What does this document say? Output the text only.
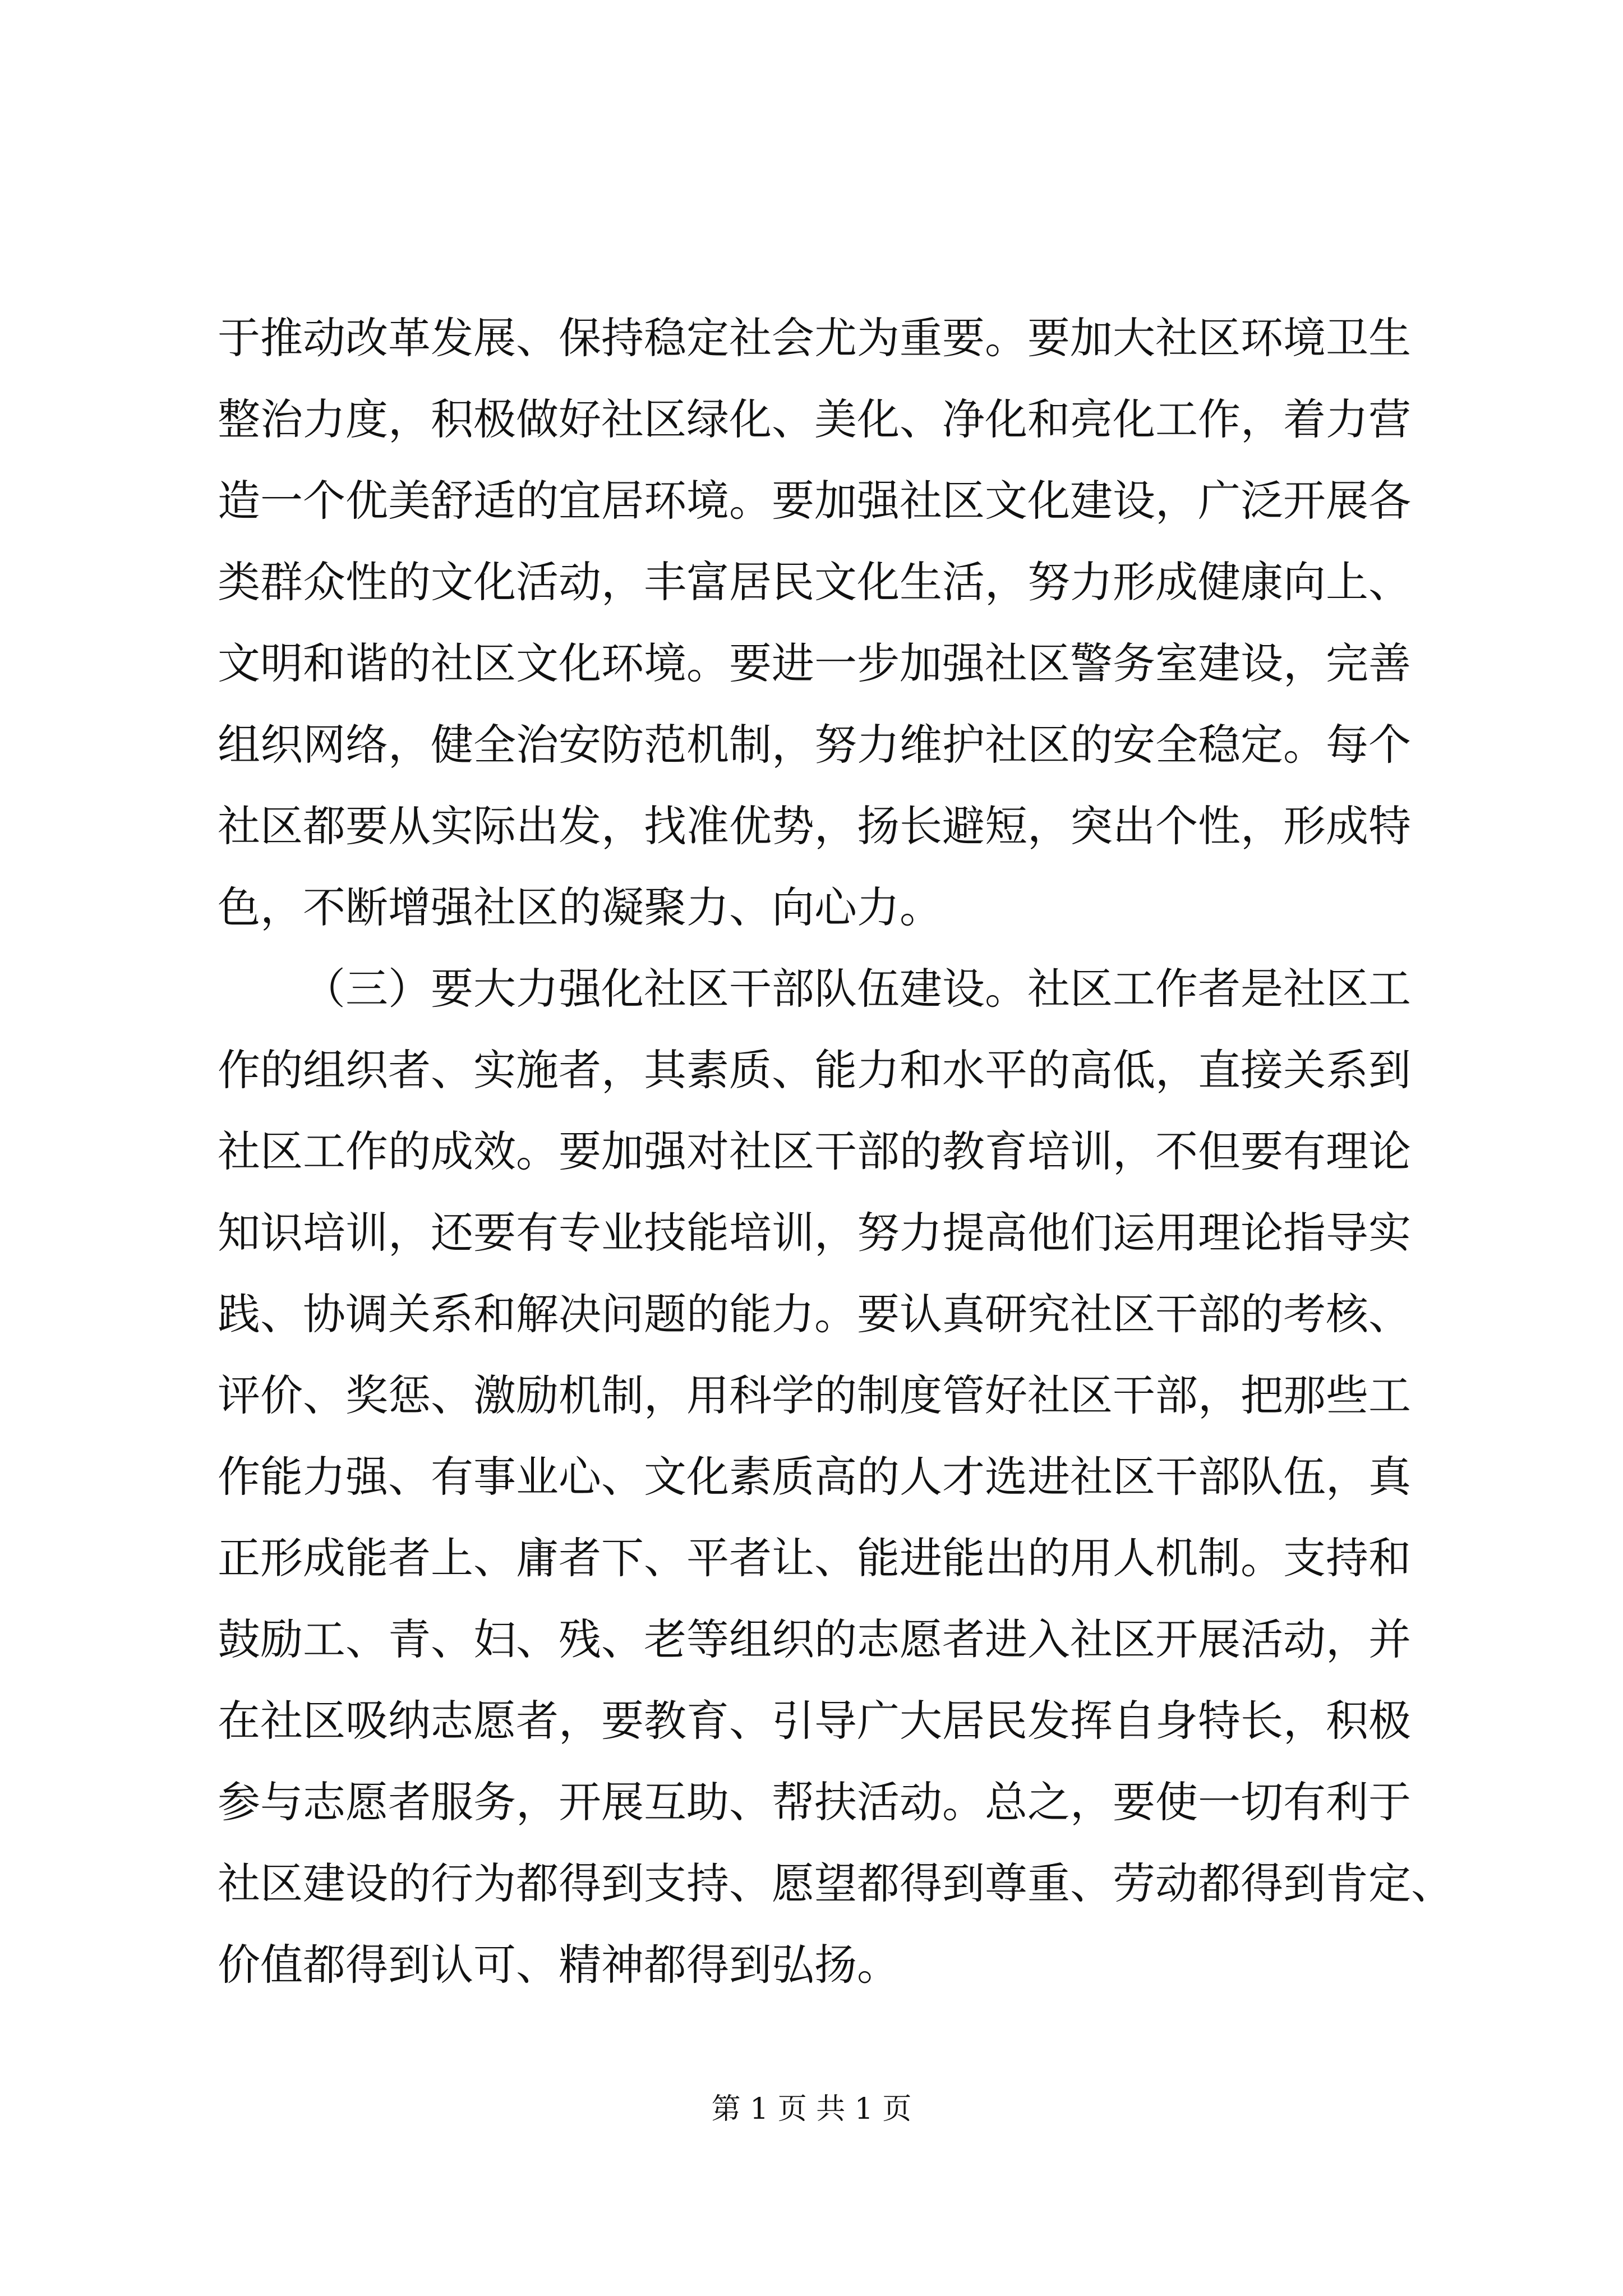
于推动改革发展、保持稳定社会尤为重要。要加大社区环境卫生
整治力度，积极做好社区绿化、美化、净化和亮化工作，着力营
造一个优美舒适的宜居环境。要加强社区文化建设，广泛开展各
类群众性的文化活动，丰富居民文化生活，努力形成健康向上、
文明和谐的社区文化环境。要进一步加强社区警务室建设，完善
组织网络，健全治安防范机制，努力维护社区的安全稳定。每个
社区都要从实际出发，找准优势，扬长避短，突出个性，形成特
色，不断增强社区的凝聚力、向心力。

（三）要大力强化社区干部队伍建设。社区工作者是社区工
作的组织者、实施者，其素质、能力和水平的高低，直接关系到
社区工作的成效。要加强对社区干部的教育培训，不但要有理论
知识培训，还要有专业技能培训，努力提高他们运用理论指导实
践、协调关系和解决问题的能力。要认真研究社区干部的考核、
评价、奖惩、激励机制，用科学的制度管好社区干部，把那些工
作能力强、有事业心、文化素质高的人才选进社区干部队伍，真
正形成能者上、庸者下、平者让、能进能出的用人机制。支持和
鼓励工、青、妇、残、老等组织的志愿者进入社区开展活动，并
在社区吸纳志愿者，要教育、引导广大居民发挥自身特长，积极
参与志愿者服务，开展互助、帮扶活动。总之，要使一切有利于
社区建设的行为都得到支持、愿望都得到尊重、劳动都得到肯定、
价值都得到认可、精神都得到弘扬。

第 1 页 共 1 页
